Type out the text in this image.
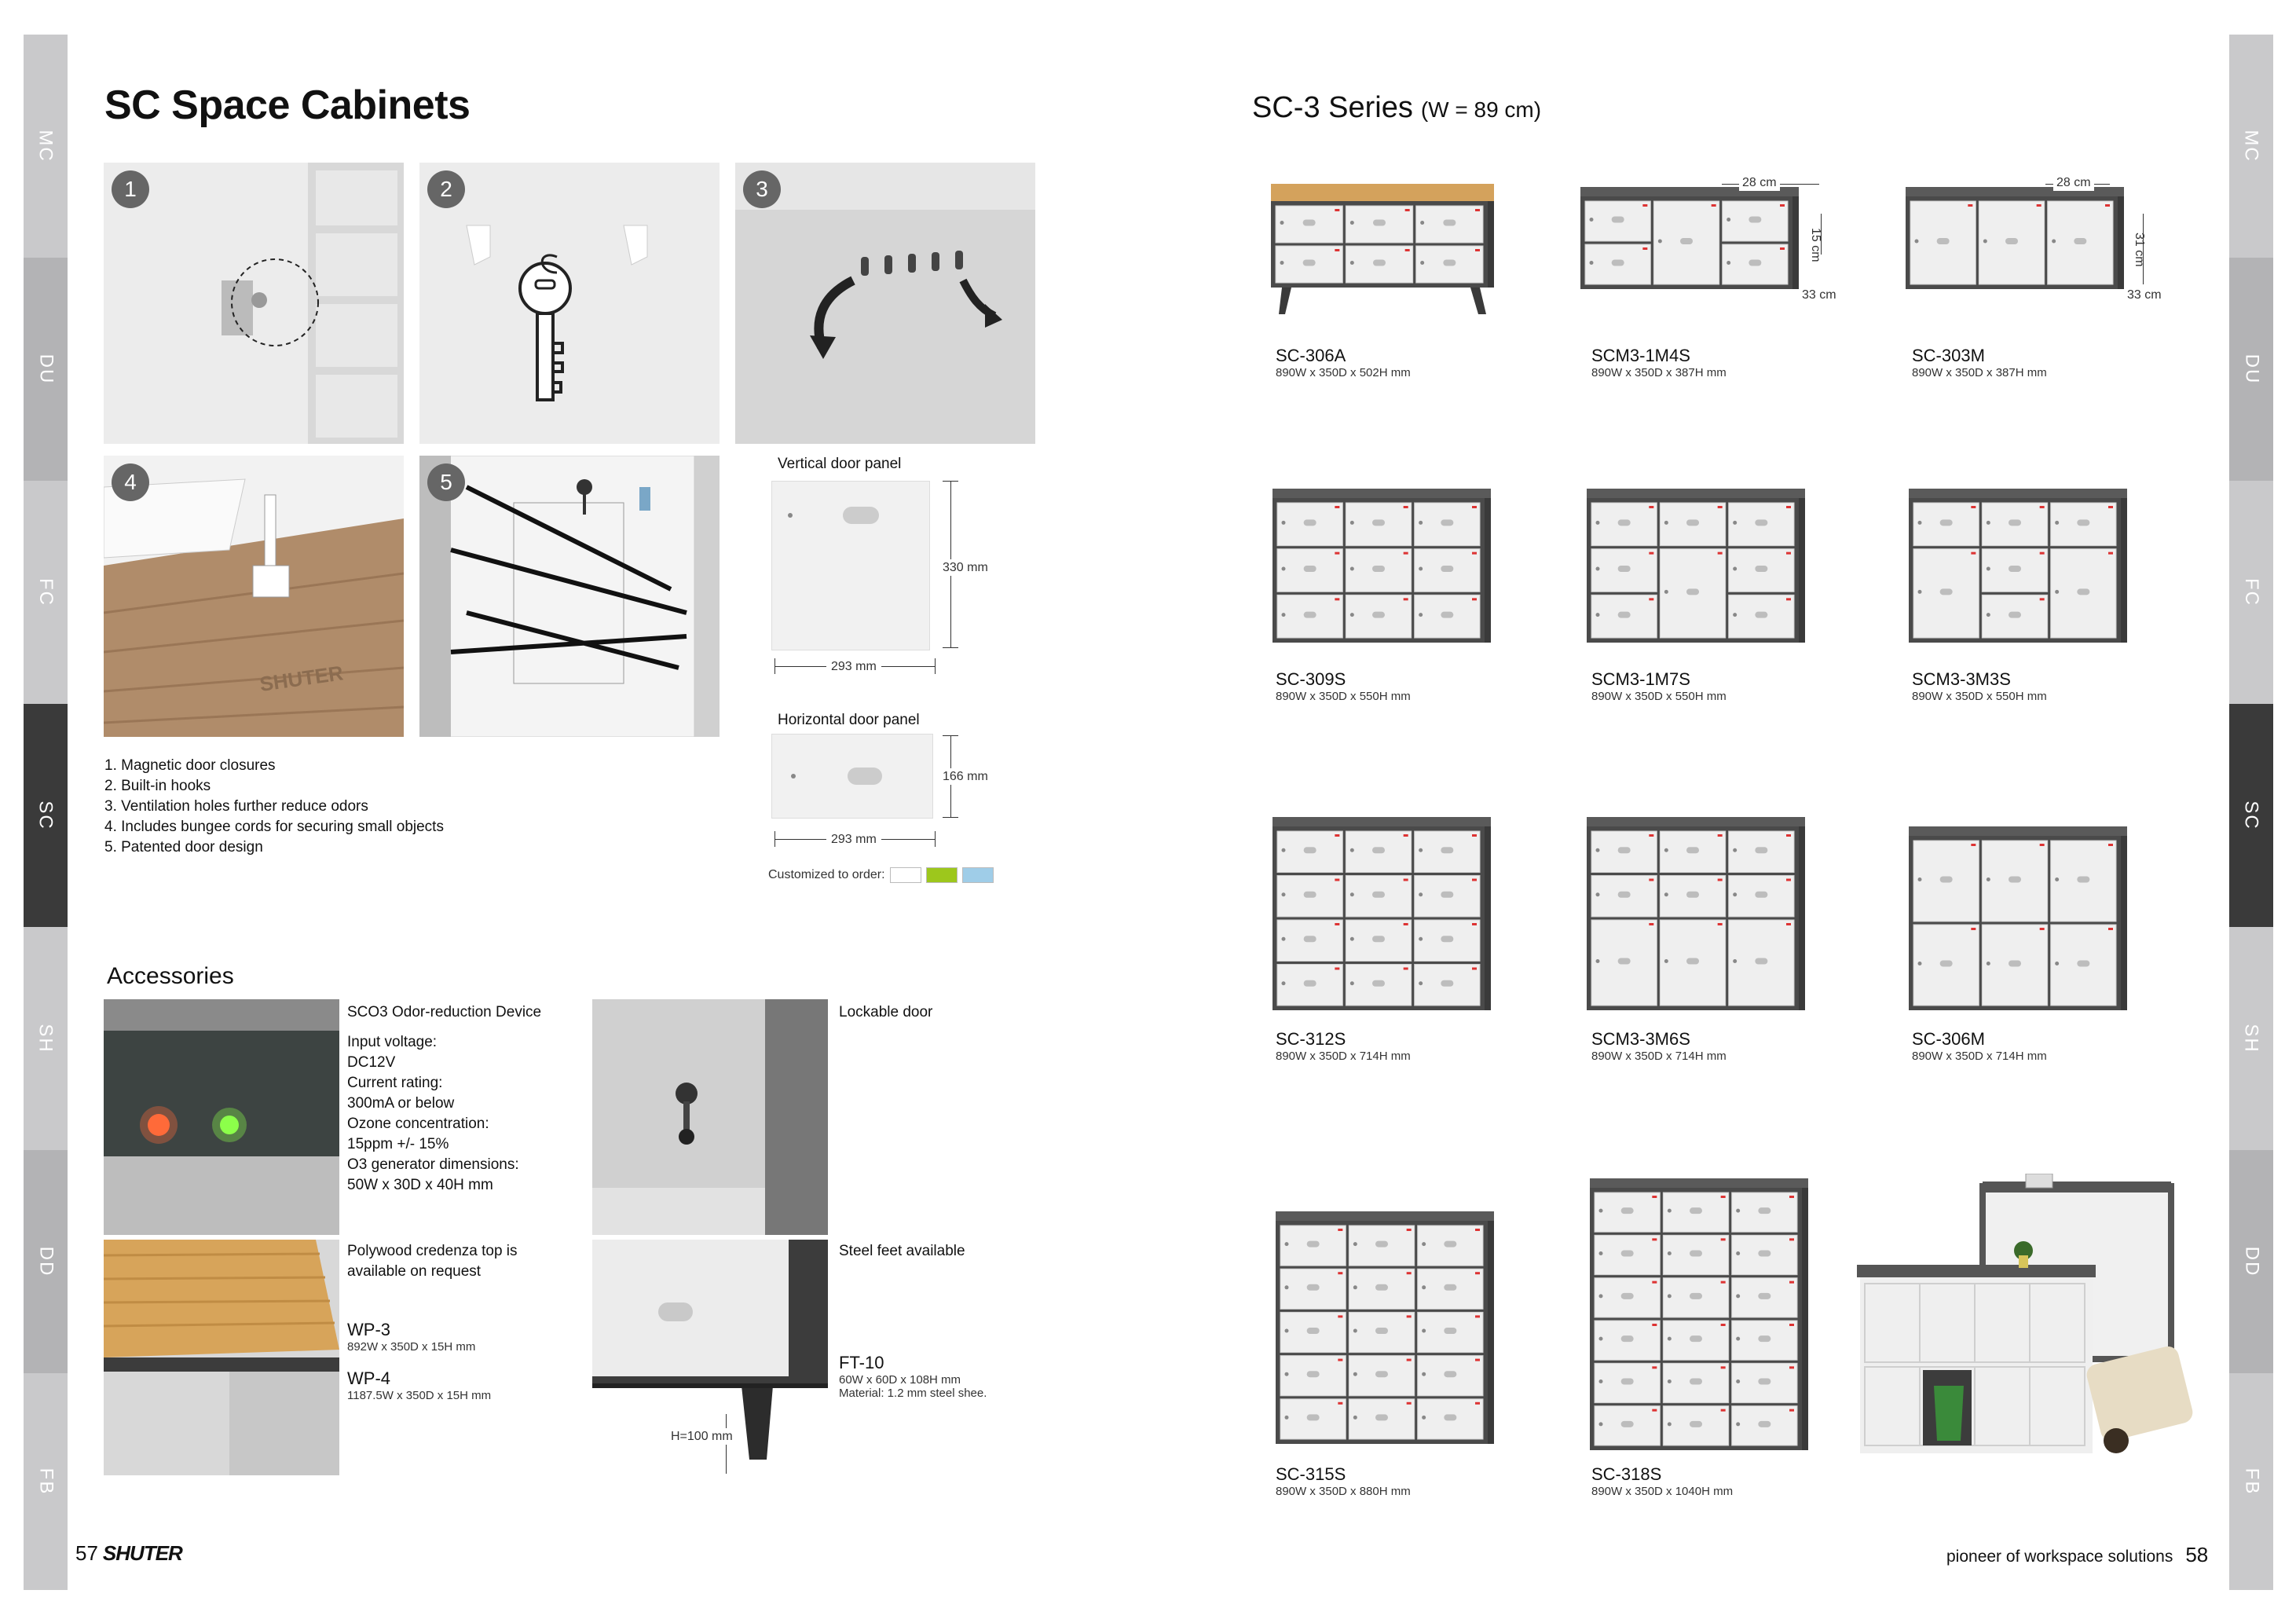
MC
DU
FC
SC
SH
DD
FB
MC
DU
FC
SC
SH
DD
FB
SC Space Cabinets
1	2	3
SHUTER
4	5
Vertical door panel
330 mm
293 mm
Horizontal door panel
166 mm
293 mm
Customized to order:
1. Magnetic door closures
2. Built-in hooks
3. Ventilation holes further reduce odors
4. Includes bungee cords for securing small objects
5. Patented door design
Accessories
SCO3 Odor-reduction Device
Input voltage:
DC12V
Current rating:
300mA or below
Ozone concentration:
15ppm +/- 15%
O3 generator dimensions:
50W x 30D x 40H mm
Polywood credenza top is
available on request
WP-3
892W x 350D x 15H mm
WP-4
1187.5W x 350D x 15H mm
Lockable door
H=100 mm
Steel feet available
FT-10
60W x 60D x 108H mm
Material: 1.2 mm steel shee.
57 SHUTER
SC-3 Series (W = 89 cm)
28 cm
15 cm
33 cm
28 cm
31 cm
33 cm
SC-306A
890W x 350D x 502H mm
SCM3-1M4S
890W x 350D x 387H mm
SC-303M
890W x 350D x 387H mm
SC-309S
890W x 350D x 550H mm
SCM3-1M7S
890W x 350D x 550H mm
SCM3-3M3S
890W x 350D x 550H mm
SC-312S
890W x 350D x 714H mm
SCM3-3M6S
890W x 350D x 714H mm
SC-306M
890W x 350D x 714H mm
SC-315S
890W x 350D x 880H mm
SC-318S
890W x 350D x 1040H mm
pioneer of workspace solutions 58
